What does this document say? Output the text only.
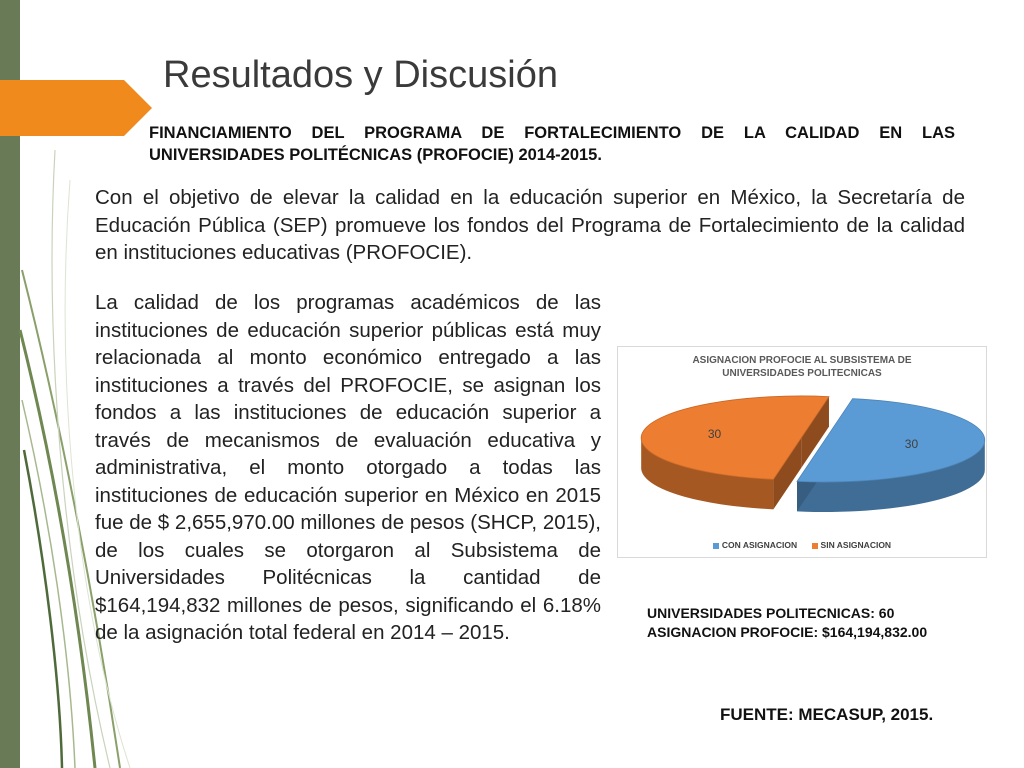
Resultados y Discusión
FINANCIAMIENTO DEL PROGRAMA DE FORTALECIMIENTO DE LA CALIDAD EN LAS UNIVERSIDADES POLITÉCNICAS (PROFOCIE) 2014-2015.
Con el objetivo de elevar la calidad en la educación superior en México, la Secretaría de Educación Pública (SEP) promueve los fondos del Programa de Fortalecimiento de la calidad en instituciones educativas (PROFOCIE).
La calidad de los programas académicos de las instituciones de educación superior públicas está muy relacionada al monto económico entregado a las instituciones a través del PROFOCIE, se asignan los fondos a las instituciones de educación superior a través de mecanismos de evaluación educativa y administrativa, el monto otorgado a todas las instituciones de educación superior en México en 2015 fue de $ 2,655,970.00 millones de pesos (SHCP, 2015), de los cuales se otorgaron al Subsistema de Universidades Politécnicas la cantidad de $164,194,832 millones de pesos, significando el 6.18% de la asignación total federal en 2014 – 2015.
ASIGNACION PROFOCIE AL SUBSISTEMA DE
UNIVERSIDADES POLITECNICAS
30
30
CON ASIGNACION	SIN ASIGNACION
UNIVERSIDADES POLITECNICAS: 60
ASIGNACION PROFOCIE: $164,194,832.00
FUENTE: MECASUP, 2015.
